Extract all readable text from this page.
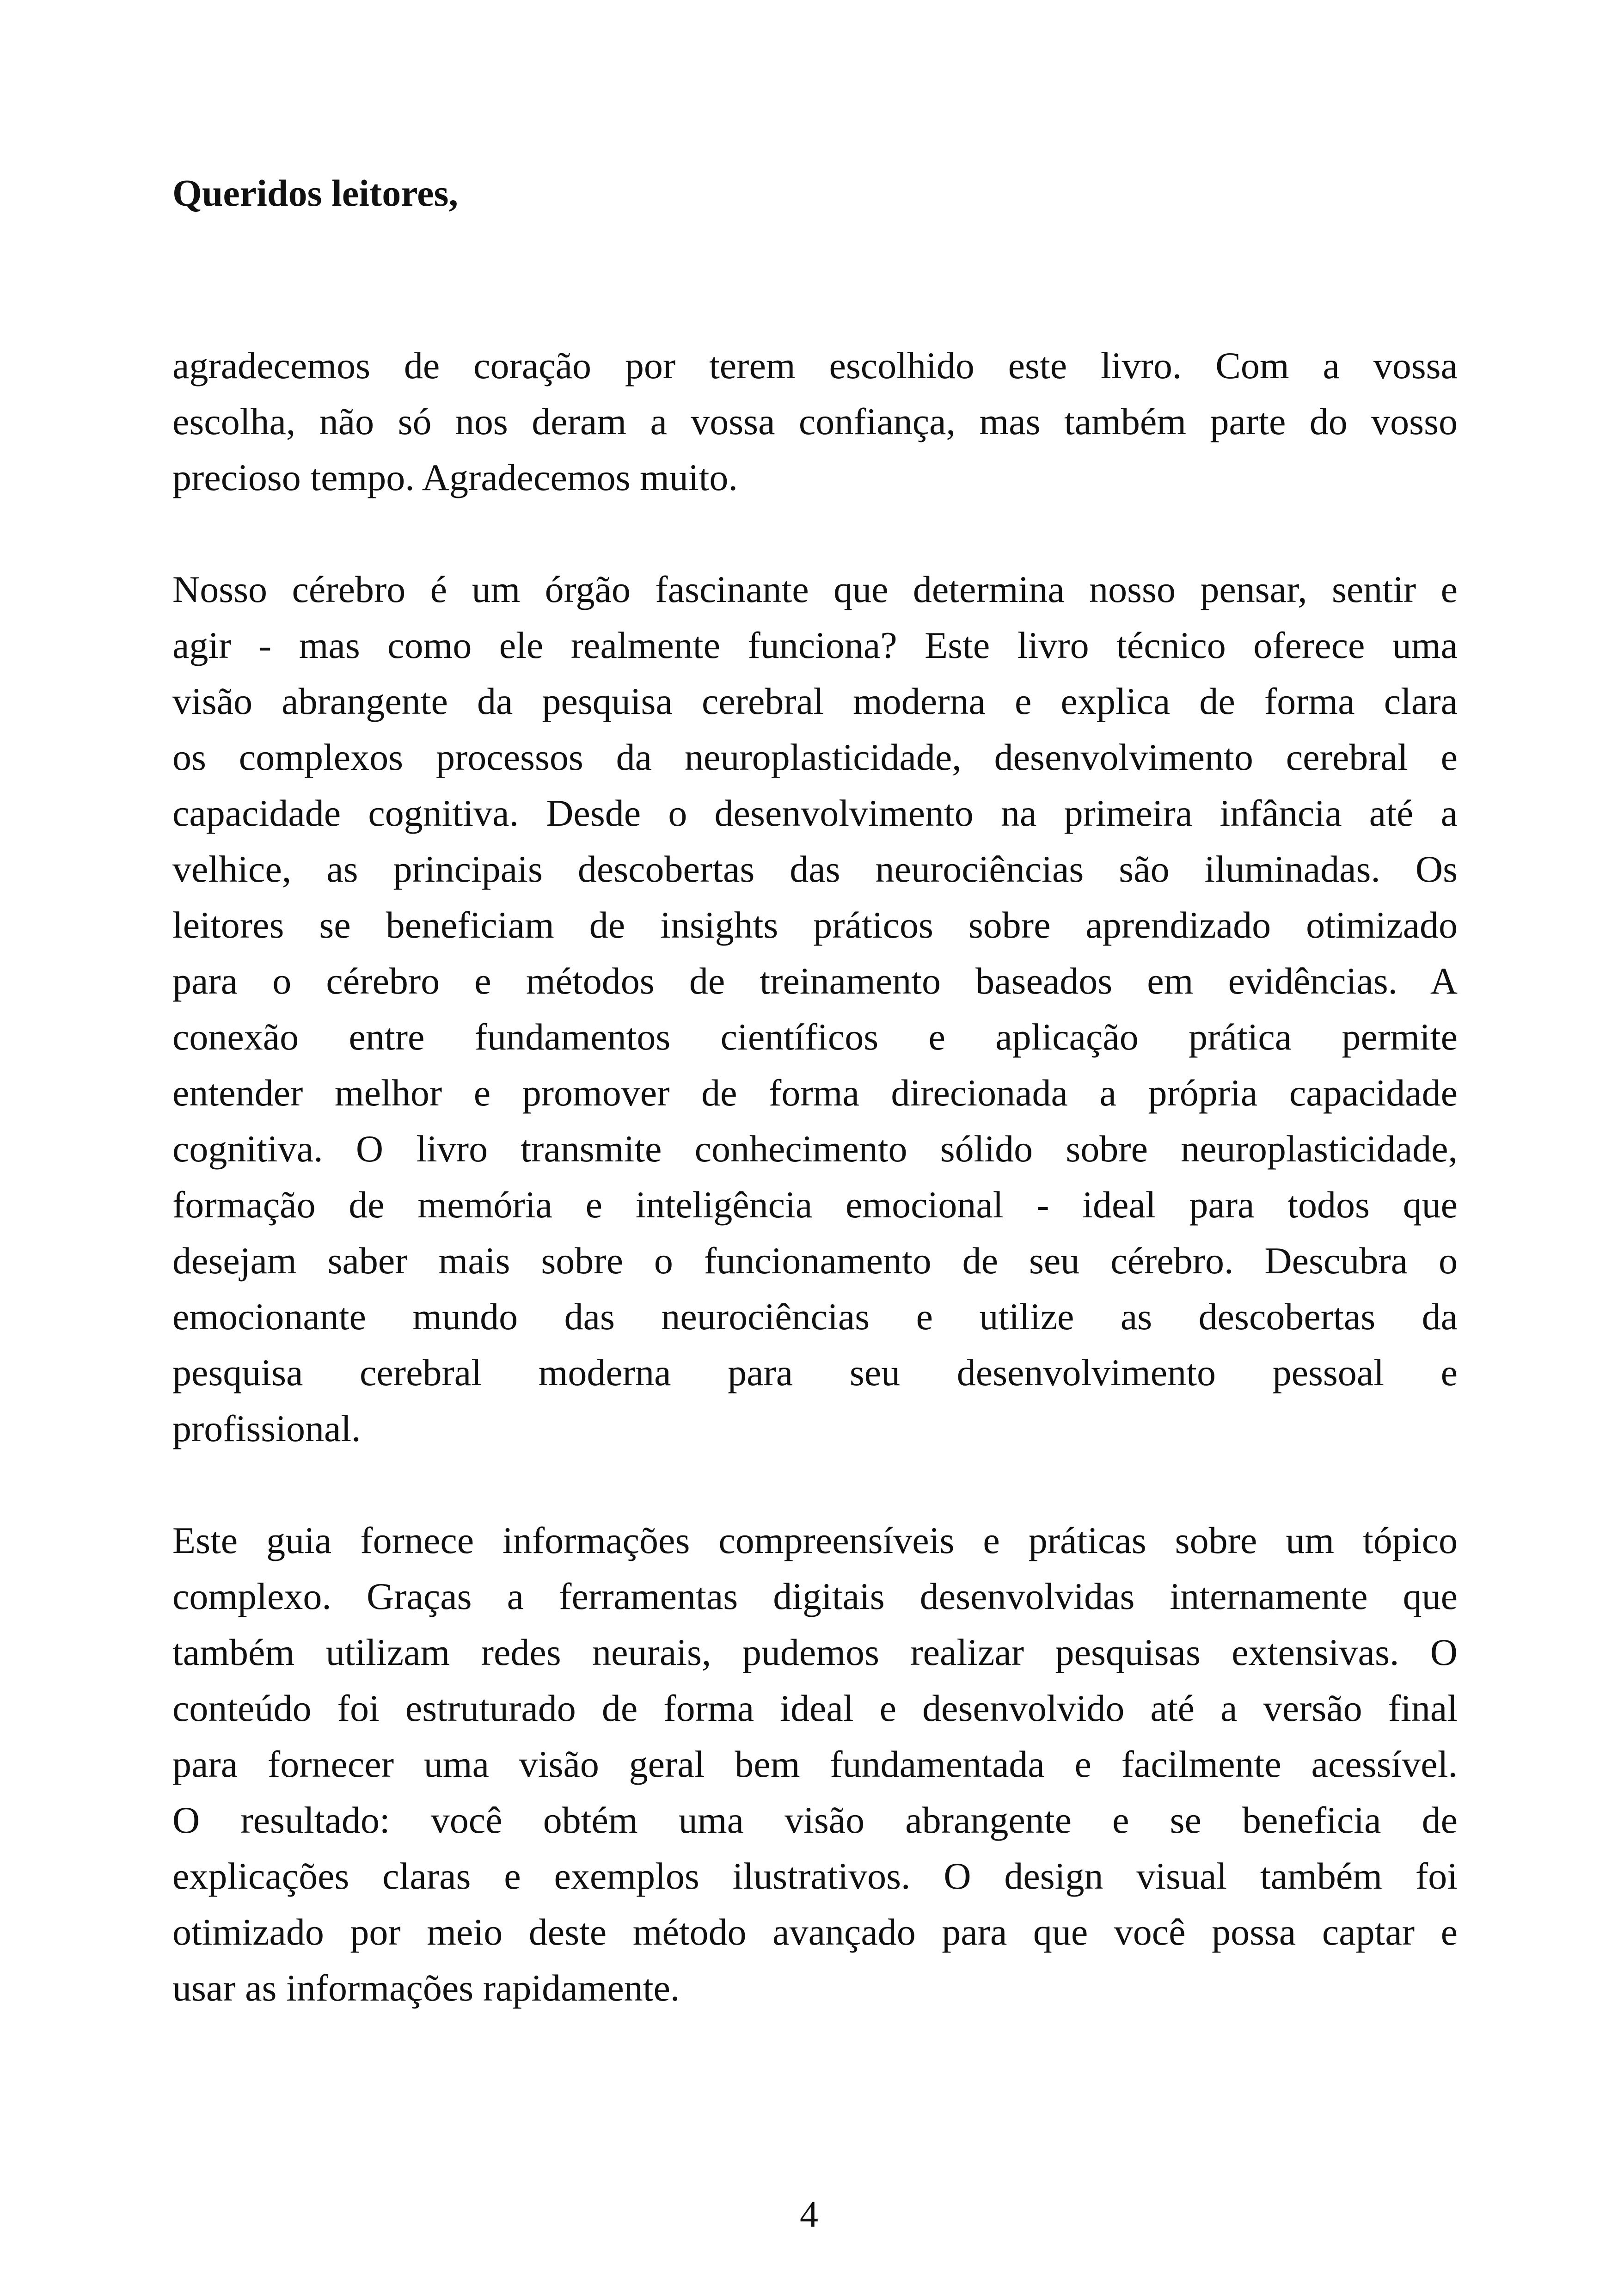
Queridos leitores,

agradecemos de coração por terem escolhido este livro. Com a vossa
escolha, não só nos deram a vossa confiança, mas também parte do vosso
precioso tempo. Agradecemos muito.

Nosso cérebro é um órgão fascinante que determina nosso pensar, sentir e
agir - mas como ele realmente funciona? Este livro técnico oferece uma
visão abrangente da pesquisa cerebral moderna e explica de forma clara
os complexos processos da neuroplasticidade, desenvolvimento cerebral e
capacidade cognitiva. Desde o desenvolvimento na primeira infância até a
velhice, as principais descobertas das neurociências são iluminadas. Os
leitores se beneficiam de insights práticos sobre aprendizado otimizado
para o cérebro e métodos de treinamento baseados em evidências. A
conexão entre fundamentos científicos e aplicação prática permite
entender melhor e promover de forma direcionada a própria capacidade
cognitiva. O livro transmite conhecimento sólido sobre neuroplasticidade,
formação de memória e inteligência emocional - ideal para todos que
desejam saber mais sobre o funcionamento de seu cérebro. Descubra o
emocionante mundo das neurociências e utilize as descobertas da
pesquisa cerebral moderna para seu desenvolvimento pessoal e
profissional.

Este guia fornece informações compreensíveis e práticas sobre um tópico
complexo. Graças a ferramentas digitais desenvolvidas internamente que
também utilizam redes neurais, pudemos realizar pesquisas extensivas. O
conteúdo foi estruturado de forma ideal e desenvolvido até a versão final
para fornecer uma visão geral bem fundamentada e facilmente acessível.
O resultado: você obtém uma visão abrangente e se beneficia de
explicações claras e exemplos ilustrativos. O design visual também foi
otimizado por meio deste método avançado para que você possa captar e
usar as informações rapidamente.

4
